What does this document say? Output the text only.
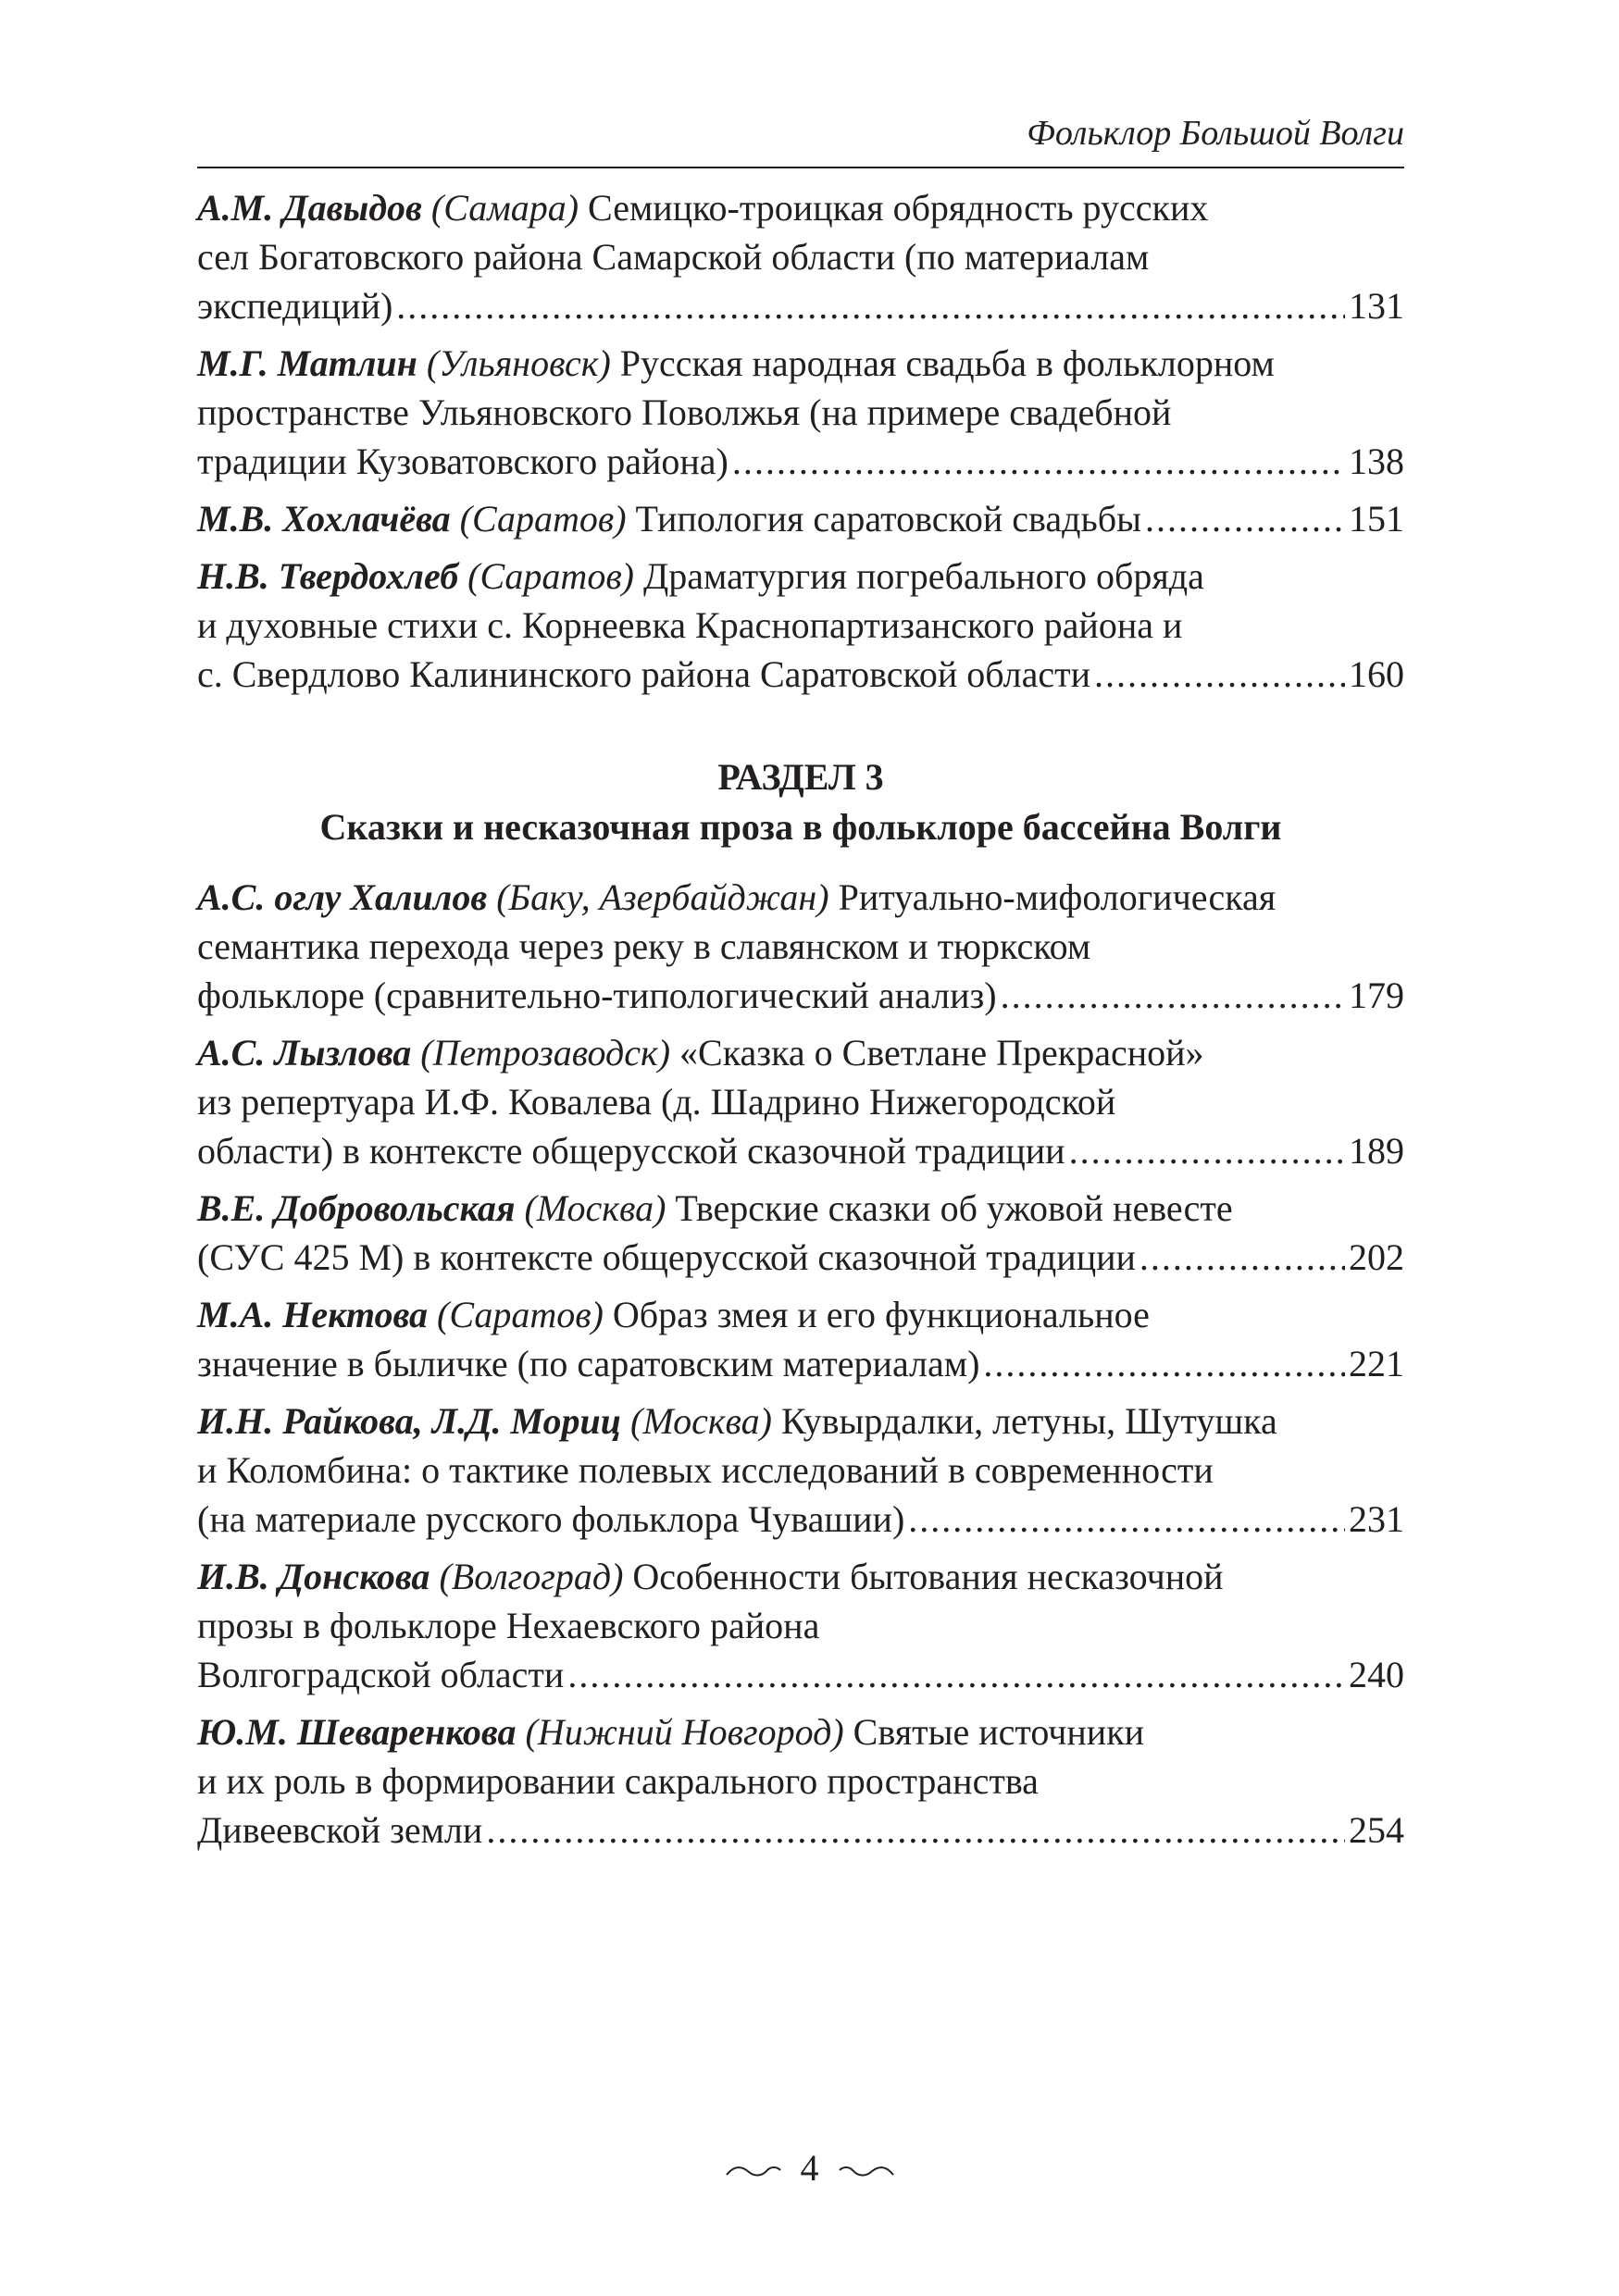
Фольклор Большой Волги
А.М. Давыдов (Самара) Семицко-троицкая обрядность русских
сел Богатовского района Самарской области (по материалам
экспедиций) .....	131
М.Г. Матлин (Ульяновск) Русская народная свадьба в фольклорном
пространстве Ульяновского Поволжья (на примере свадебной
традиции Кузоватовского района) .....	138
М.В. Хохлачёва (Саратов) Типология саратовской свадьбы .....	151
Н.В. Твердохлеб (Саратов) Драматургия погребального обряда
и духовные стихи с. Корнеевка Краснопартизанского района и
с. Свердлово Калининского района Саратовской области .....	160
РАЗДЕЛ 3
Сказки и несказочная проза в фольклоре бассейна Волги
А.С. оглу Халилов (Баку, Азербайджан) Ритуально-мифологическая
семантика перехода через реку в славянском и тюркском
фольклоре (сравнительно-типологический анализ) .....	179
А.С. Лызлова (Петрозаводск) «Сказка о Светлане Прекрасной»
из репертуара И.Ф. Ковалева (д. Шадрино Нижегородской
области) в контексте общерусской сказочной традиции .....	189
В.Е. Добровольская (Москва) Тверские сказки об ужовой невесте
(СУС 425 М) в контексте общерусской сказочной традиции .....	202
М.А. Нектова (Саратов) Образ змея и его функциональное
значение в быличке (по саратовским материалам) .....	221
И.Н. Райкова, Л.Д. Мориц (Москва) Кувырдалки, летуны, Шутушка
и Коломбина: о тактике полевых исследований в современности
(на материале русского фольклора Чувашии) .....	231
И.В. Донскова (Волгоград) Особенности бытования несказочной
прозы в фольклоре Нехаевского района
Волгоградской области .....	240
Ю.М. Шеваренкова (Нижний Новгород) Святые источники
и их роль в формировании сакрального пространства
Дивеевской земли .....	254
4
